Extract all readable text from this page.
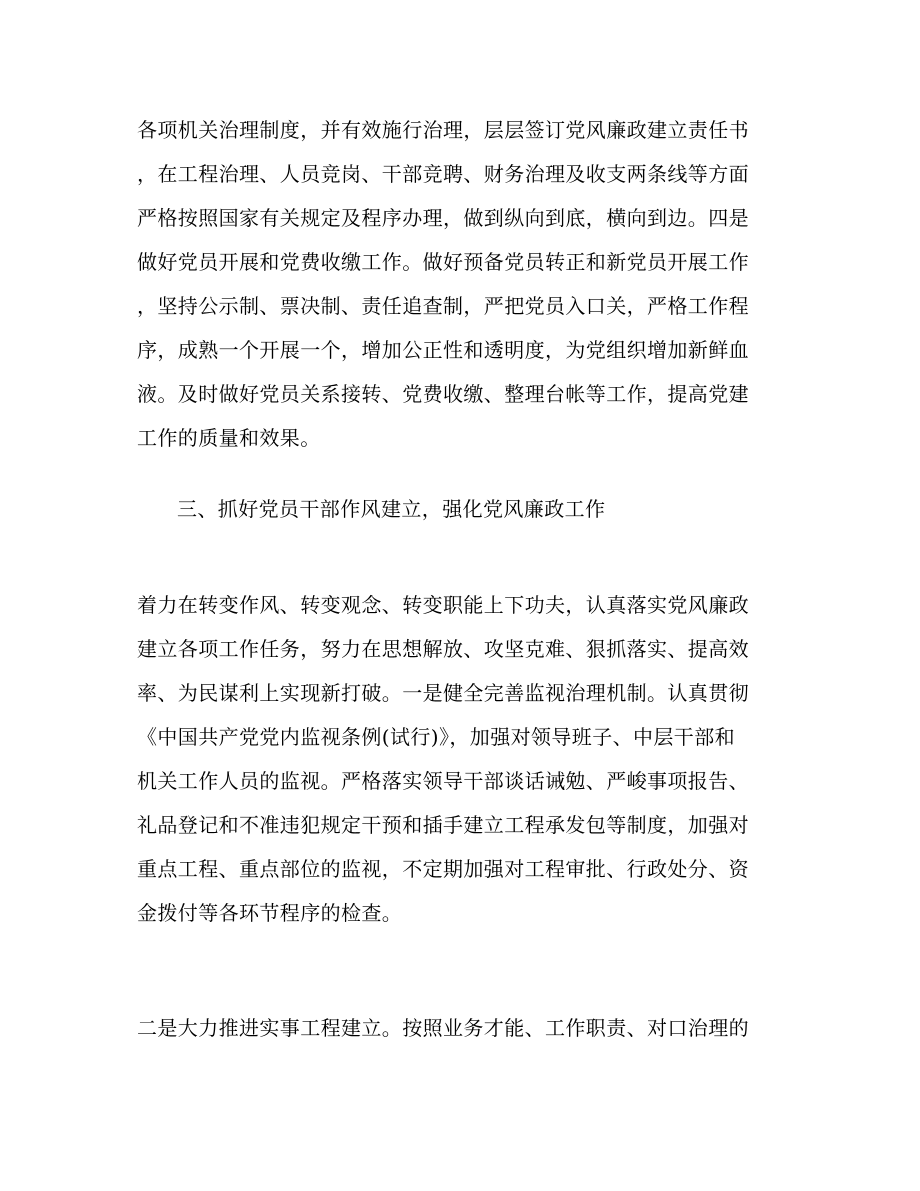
各项机关治理制度，并有效施行治理，层层签订党风廉政建立责任书
，在工程治理、人员竞岗、干部竞聘、财务治理及收支两条线等方面
严格按照国家有关规定及程序办理，做到纵向到底，横向到边。四是
做好党员开展和党费收缴工作。做好预备党员转正和新党员开展工作
，坚持公示制、票决制、责任追查制，严把党员入口关，严格工作程
序，成熟一个开展一个，增加公正性和透明度，为党组织增加新鲜血
液。及时做好党员关系接转、党费收缴、整理台帐等工作，提高党建
工作的质量和效果。
三、抓好党员干部作风建立，强化党风廉政工作
着力在转变作风、转变观念、转变职能上下功夫，认真落实党风廉政
建立各项工作任务，努力在思想解放、攻坚克难、狠抓落实、提高效
率、为民谋利上实现新打破。一是健全完善监视治理机制。认真贯彻
《中国共产党党内监视条例(试行)》，加强对领导班子、中层干部和
机关工作人员的监视。严格落实领导干部谈话诫勉、严峻事项报告、
礼品登记和不准违犯规定干预和插手建立工程承发包等制度，加强对
重点工程、重点部位的监视，不定期加强对工程审批、行政处分、资
金拨付等各环节程序的检查。
二是大力推进实事工程建立。按照业务才能、工作职责、对口治理的
